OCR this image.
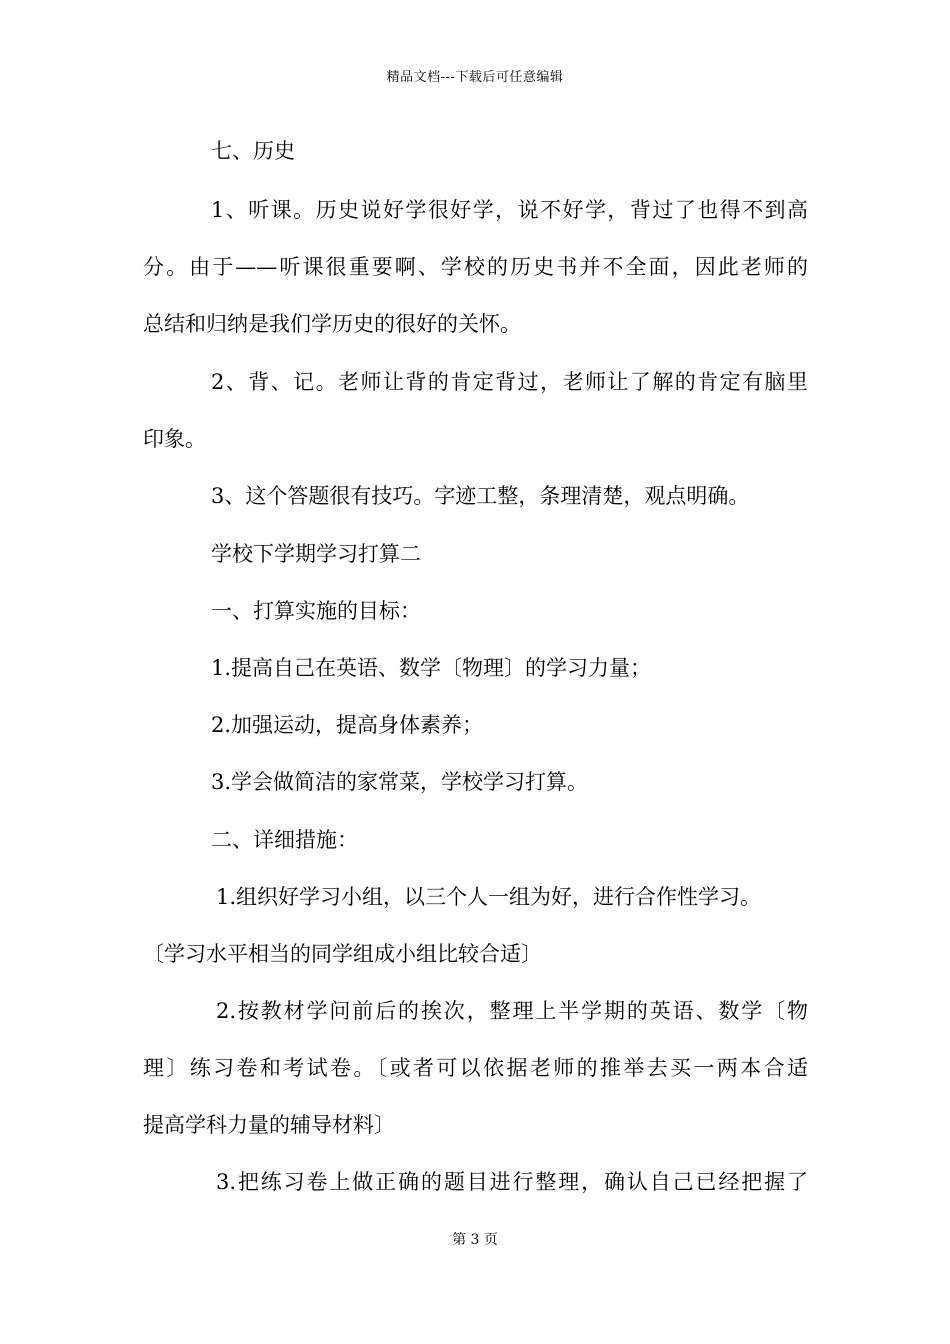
精品文档---下载后可任意编辑
七、历史
1、听课。历史说好学很好学，说不好学，背过了也得不到高
分。由于——听课很重要啊、学校的历史书并不全面，因此老师的
总结和归纳是我们学历史的很好的关怀。
2、背、记。老师让背的肯定背过，老师让了解的肯定有脑里
印象。
3、这个答题很有技巧。字迹工整，条理清楚，观点明确。
学校下学期学习打算二
一、打算实施的目标：
1.提高自己在英语、数学〔物理〕的学习力量；
2.加强运动，提高身体素养；
3.学会做简洁的家常菜，学校学习打算。
二、详细措施：
1.组织好学习小组，以三个人一组为好，进行合作性学习。
〔学习水平相当的同学组成小组比较合适〕
2.按教材学问前后的挨次，整理上半学期的英语、数学〔物
理〕练习卷和考试卷。〔或者可以依据老师的推举去买一两本合适
提高学科力量的辅导材料〕
3.把练习卷上做正确的题目进行整理，确认自己已经把握了
第 3 页
